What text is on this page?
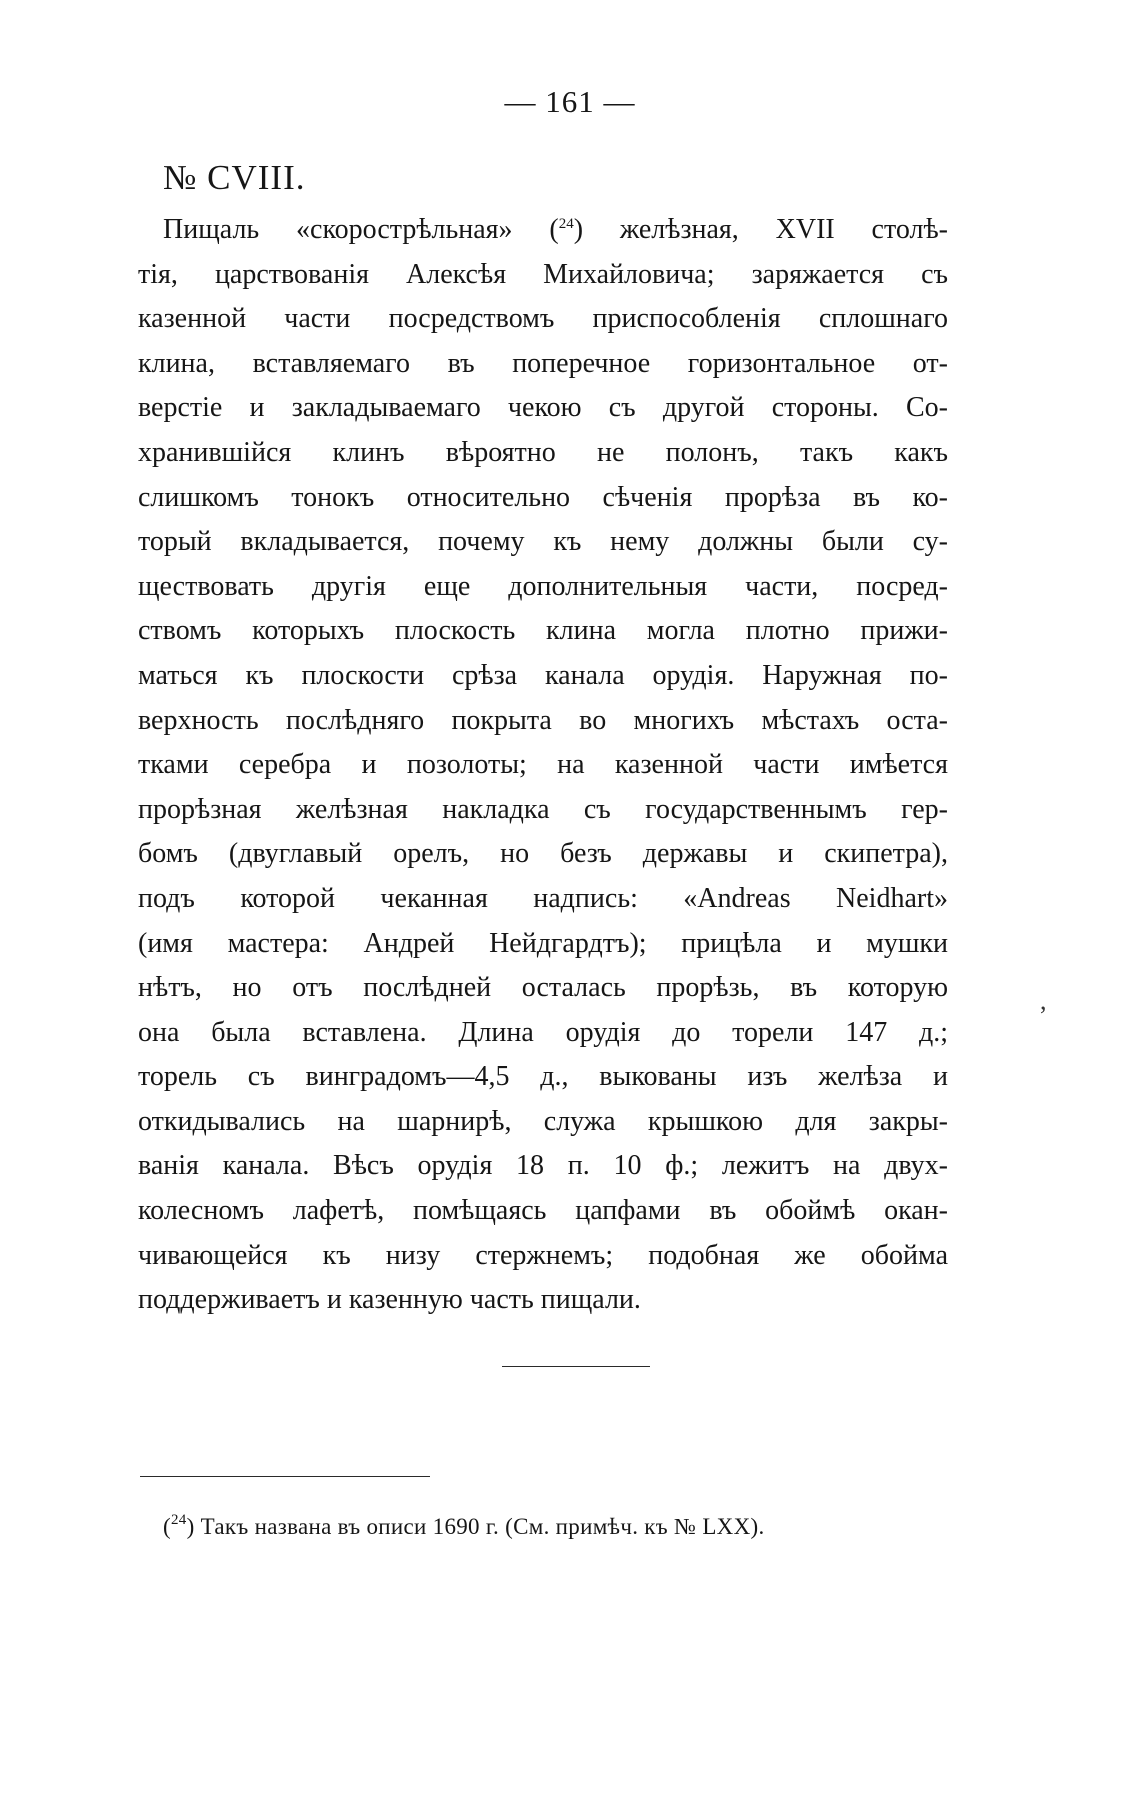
— 161 —
№ CVIII.
Пищаль «скорострѣльная» ($^{24}$) желѣзная, XVII столѣ-
тія, царствованія Алексѣя Михайловича; заряжается съ
казенной части посредствомъ приспособленія сплошнаго
клина, вставляемаго въ поперечное горизонтальное от-
верстіе и закладываемаго чекою съ другой стороны. Со-
хранившійся клинъ вѣроятно не полонъ, такъ какъ
слишкомъ тонокъ относительно сѣченія прорѣза въ ко-
торый вкладывается, почему къ нему должны были су-
ществовать другія еще дополнительныя части, посред-
ствомъ которыхъ плоскость клина могла плотно прижи-
маться къ плоскости срѣза канала орудія. Наружная по-
верхность послѣдняго покрыта во многихъ мѣстахъ оста-
тками серебра и позолоты; на казенной части имѣется
прорѣзная желѣзная накладка съ государственнымъ гер-
бомъ (двуглавый орелъ, но безъ державы и скипетра),
подъ которой чеканная надпись: «Andreas Neidhart»
(имя мастера: Андрей Нейдгардтъ); прицѣла и мушки
нѣтъ, но отъ послѣдней осталась прорѣзь, въ которую
она была вставлена. Длина орудія до торели 147 д.;
торель съ винградомъ—4,5 д., выкованы изъ желѣза и
откидывались на шарнирѣ, служа крышкою для закры-
ванія канала. Вѣсъ орудія 18 п. 10 ф.; лежитъ на двух-
колесномъ лафетѣ, помѣщаясь цапфами въ обоймѣ окан-
чивающейся къ низу стержнемъ; подобная же обойма
поддерживаетъ и казенную часть пищали.
($^{24}$) Такъ названа въ описи 1690 г. (См. примѣч. къ № LXX).
,
